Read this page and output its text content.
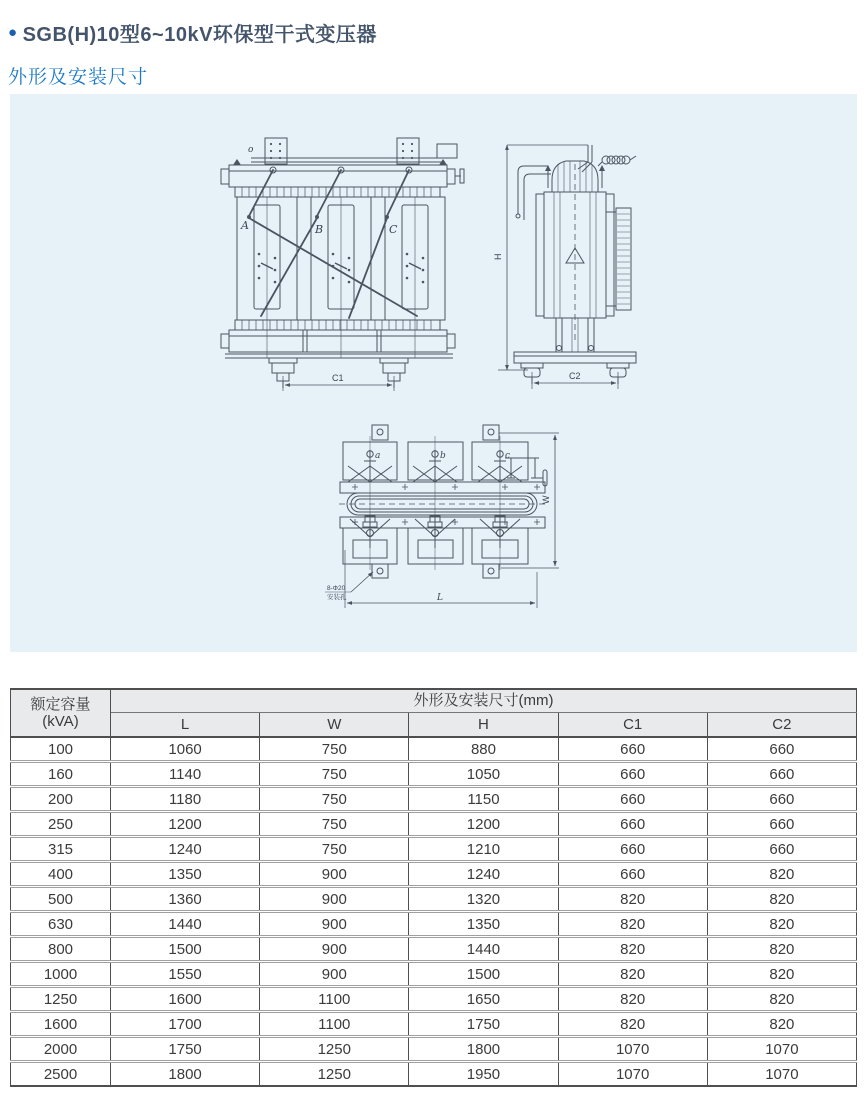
● SGB(H)10型6~10kV环保型干式变压器
外形及安装尺寸
o
A	B	C
C1
H
C2
a	b	c
W
L
8-Φ20
安装孔
额定容量
(kVA)	外形及安装尺寸(mm)				
	L	W	H	C1	C2
100	1060	750	880	660	660
160	1140	750	1050	660	660
200	1180	750	1150	660	660
250	1200	750	1200	660	660
315	1240	750	1210	660	660
400	1350	900	1240	660	820
500	1360	900	1320	820	820
630	1440	900	1350	820	820
800	1500	900	1440	820	820
1000	1550	900	1500	820	820
1250	1600	1100	1650	820	820
1600	1700	1100	1750	820	820
2000	1750	1250	1800	1070	1070
2500	1800	1250	1950	1070	1070
